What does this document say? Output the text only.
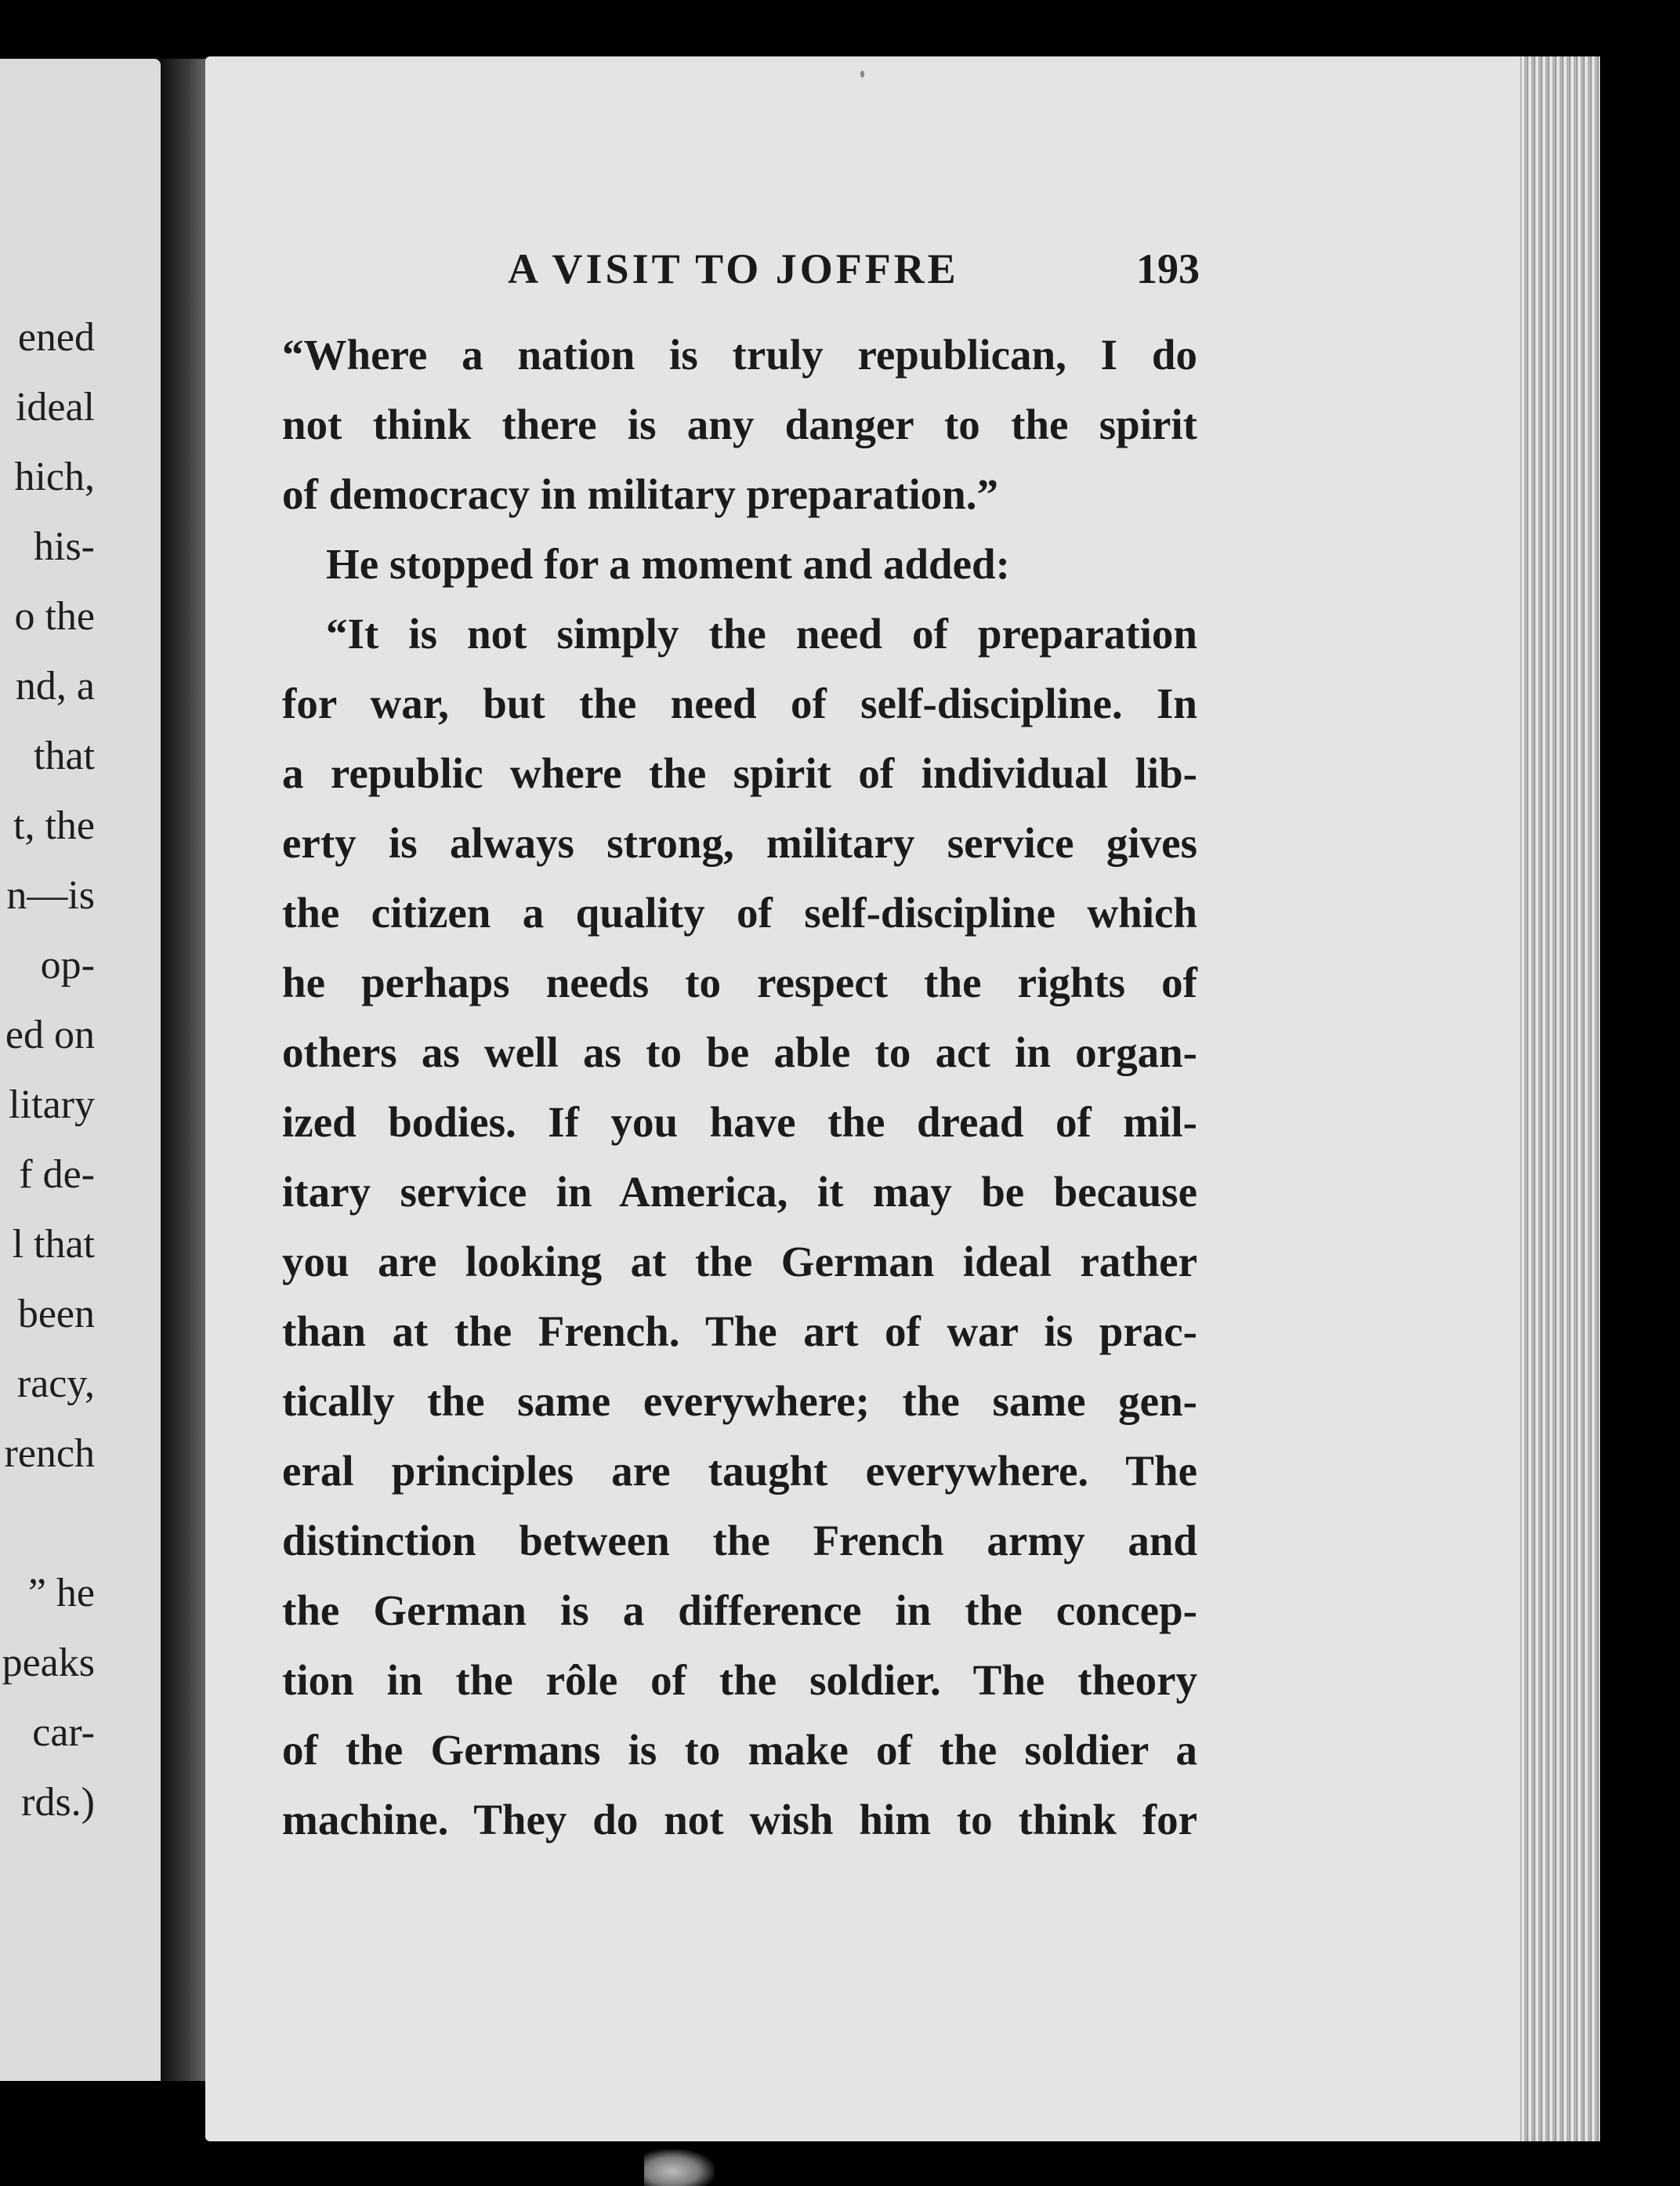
ened
ideal
hich,
his-
o the
nd, a
that
t, the
n—is
op-
ed on
litary
f de-
l that
been
racy,
rench
” he
peaks
car-
rds.)
A VISIT TO JOFFRE	193
“Where a nation is truly republican, I do
not think there is any danger to the spirit
of democracy in military preparation.”
He stopped for a moment and added:
“It is not simply the need of preparation
for war, but the need of self-discipline. In
a republic where the spirit of individual lib-
erty is always strong, military service gives
the citizen a quality of self-discipline which
he perhaps needs to respect the rights of
others as well as to be able to act in organ-
ized bodies. If you have the dread of mil-
itary service in America, it may be because
you are looking at the German ideal rather
than at the French. The art of war is prac-
tically the same everywhere; the same gen-
eral principles are taught everywhere. The
distinction between the French army and
the German is a difference in the concep-
tion in the rôle of the soldier. The theory
of the Germans is to make of the soldier a
machine. They do not wish him to think for
